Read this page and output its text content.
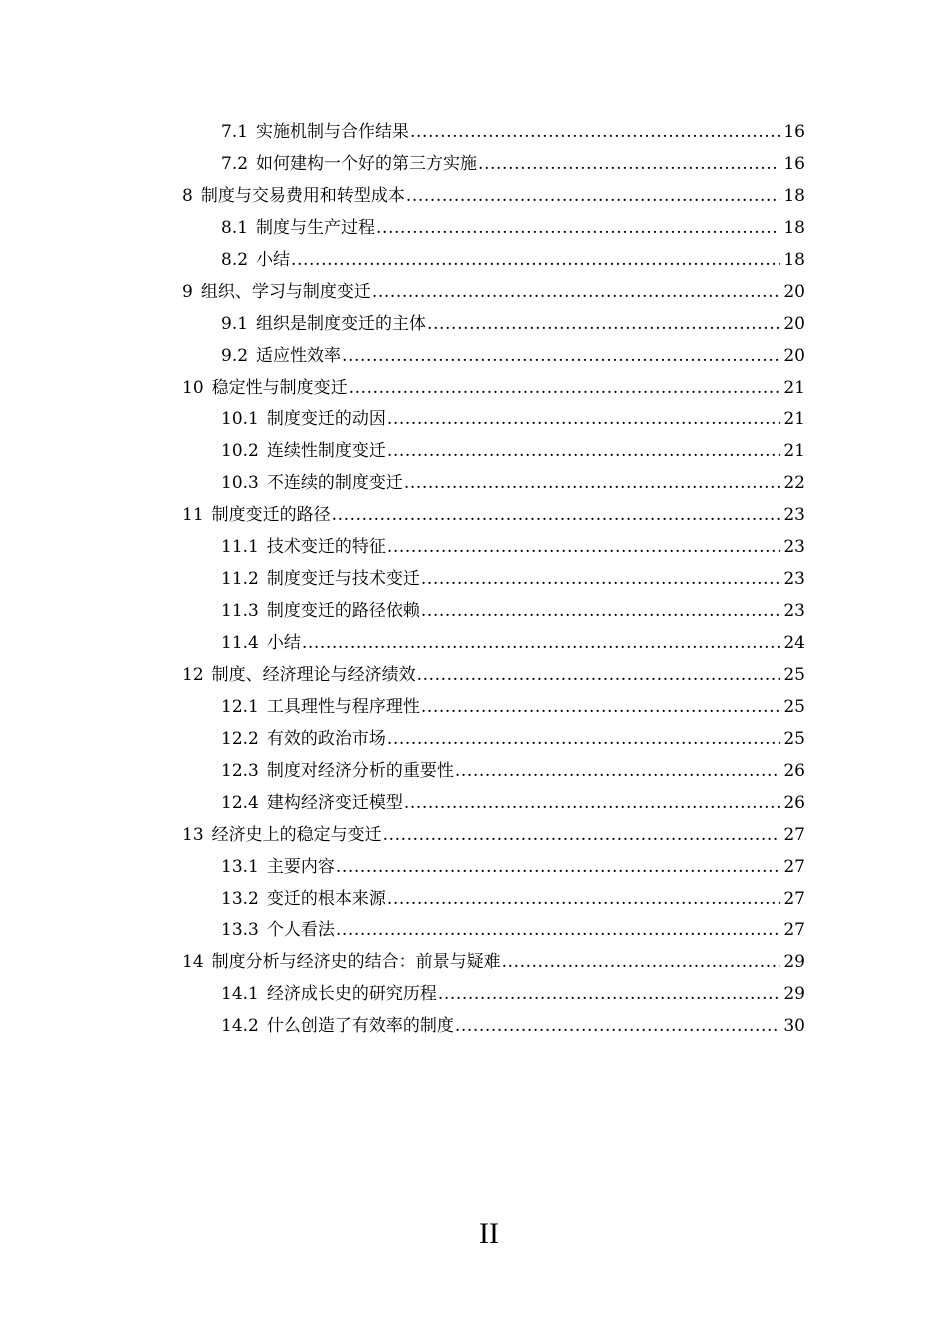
7.1 实施机制与合作结果 .....	16
7.2 如何建构一个好的第三方实施 .....	16
8 制度与交易费用和转型成本 .....	18
8.1 制度与生产过程 .....	18
8.2 小结 .....	18
9 组织、学习与制度变迁 .....	20
9.1 组织是制度变迁的主体 .....	20
9.2 适应性效率 .....	20
10 稳定性与制度变迁 .....	21
10.1 制度变迁的动因 .....	21
10.2 连续性制度变迁 .....	21
10.3 不连续的制度变迁 .....	22
11 制度变迁的路径 .....	23
11.1 技术变迁的特征 .....	23
11.2 制度变迁与技术变迁 .....	23
11.3 制度变迁的路径依赖 .....	23
11.4 小结 .....	24
12 制度、经济理论与经济绩效 .....	25
12.1 工具理性与程序理性 .....	25
12.2 有效的政治市场 .....	25
12.3 制度对经济分析的重要性 .....	26
12.4 建构经济变迁模型 .....	26
13 经济史上的稳定与变迁 .....	27
13.1 主要内容 .....	27
13.2 变迁的根本来源 .....	27
13.3 个人看法 .....	27
14 制度分析与经济史的结合：前景与疑难 .....	29
14.1 经济成长史的研究历程 .....	29
14.2 什么创造了有效率的制度 .....	30
II
